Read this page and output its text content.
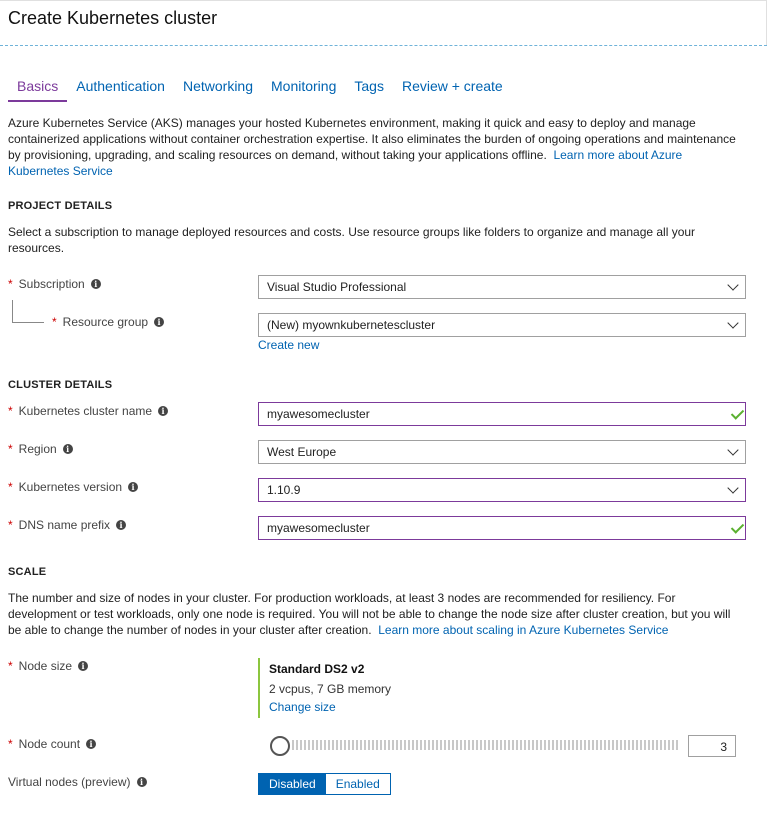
Create Kubernetes cluster
Basics	Authentication	Networking	Monitoring	Tags	Review + create
Azure Kubernetes Service (AKS) manages your hosted Kubernetes environment, making it quick and easy to deploy and manage containerized applications without container orchestration expertise. It also eliminates the burden of ongoing operations and maintenance by provisioning, upgrading, and scaling resources on demand, without taking your applications offline. Learn more about Azure Kubernetes Service
PROJECT DETAILS
Select a subscription to manage deployed resources and costs. Use resource groups like folders to organize and manage all your resources.
* Subscription	i	Visual Studio Professional
* Resource group	i	(New) myownkubernetescluster
Create new
CLUSTER DETAILS
* Kubernetes cluster name	i	myawesomecluster
* Region	i	West Europe
* Kubernetes version	i	1.10.9
* DNS name prefix	i	myawesomecluster
SCALE
The number and size of nodes in your cluster. For production workloads, at least 3 nodes are recommended for resiliency. For development or test workloads, only one node is required. You will not be able to change the node size after cluster creation, but you will be able to change the number of nodes in your cluster after creation. Learn more about scaling in Azure Kubernetes Service
* Node size	i	Standard DS2 v2
2 vcpus, 7 GB memory
Change size
* Node count	i	3
Virtual nodes (preview)	i	Disabled	Enabled
